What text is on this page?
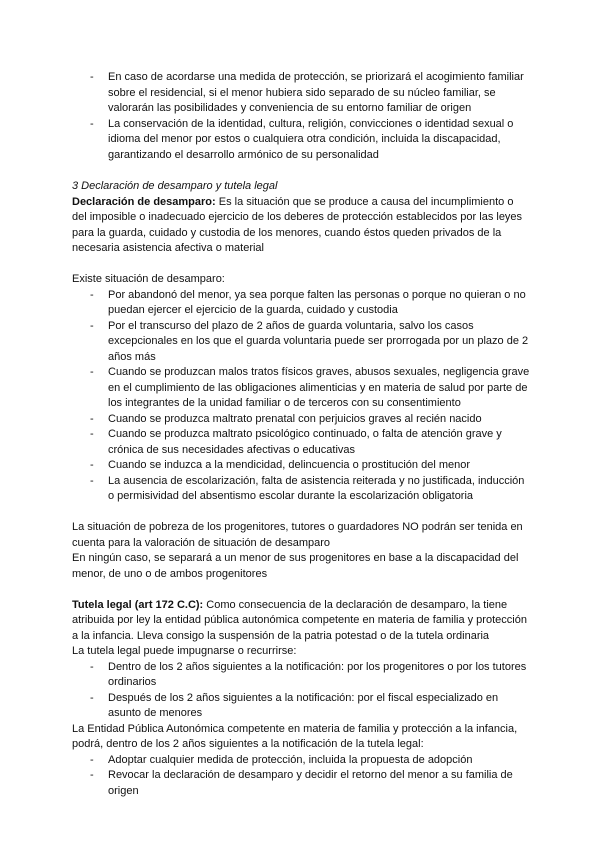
- En caso de acordarse una medida de protección, se priorizará el acogimiento familiar sobre el residencial, si el menor hubiera sido separado de su núcleo familiar, se valorarán las posibilidades y conveniencia de su entorno familiar de origen
- La conservación de la identidad, cultura, religión, convicciones o identidad sexual o idioma del menor por estos o cualquiera otra condición, incluida la discapacidad, garantizando el desarrollo armónico de su personalidad

3 Declaración de desamparo y tutela legal

Declaración de desamparo: Es la situación que se produce a causa del incumplimiento o del imposible o inadecuado ejercicio de los deberes de protección establecidos por las leyes para la guarda, cuidado y custodia de los menores, cuando éstos queden privados de la necesaria asistencia afectiva o material

Existe situación de desamparo:

- Por abandonó del menor, ya sea porque falten las personas o porque no quieran o no puedan ejercer el ejercicio de la guarda, cuidado y custodia
- Por el transcurso del plazo de 2 años de guarda voluntaria, salvo los casos excepcionales en los que el guarda voluntaria puede ser prorrogada por un plazo de 2 años más
- Cuando se produzcan malos tratos físicos graves, abusos sexuales, negligencia grave en el cumplimiento de las obligaciones alimenticias y en materia de salud por parte de los integrantes de la unidad familiar o de terceros con su consentimiento
- Cuando se produzca maltrato prenatal con perjuicios graves al recién nacido
- Cuando se produzca maltrato psicológico continuado, o falta de atención grave y crónica de sus necesidades afectivas o educativas
- Cuando se induzca a la mendicidad, delincuencia o prostitución del menor
- La ausencia de escolarización, falta de asistencia reiterada y no justificada, inducción o permisividad del absentismo escolar durante la escolarización obligatoria

La situación de pobreza de los progenitores, tutores o guardadores NO podrán ser tenida en cuenta para la valoración de situación de desamparo

En ningún caso, se separará a un menor de sus progenitores en base a la discapacidad del menor, de uno o de ambos progenitores

Tutela legal (art 172 C.C): Como consecuencia de la declaración de desamparo, la tiene atribuida por ley la entidad pública autonómica competente en materia de familia y protección a la infancia. Lleva consigo la suspensión de la patria potestad o de la tutela ordinaria

La tutela legal puede impugnarse o recurrirse:

- Dentro de los 2 años siguientes a la notificación: por los progenitores o por los tutores ordinarios
- Después de los 2 años siguientes a la notificación: por el fiscal especializado en asunto de menores

La Entidad Pública Autonómica competente en materia de familia y protección a la infancia, podrá, dentro de los 2 años siguientes a la notificación de la tutela legal:

- Adoptar cualquier medida de protección, incluida la propuesta de adopción
- Revocar la declaración de desamparo y decidir el retorno del menor a su familia de origen
